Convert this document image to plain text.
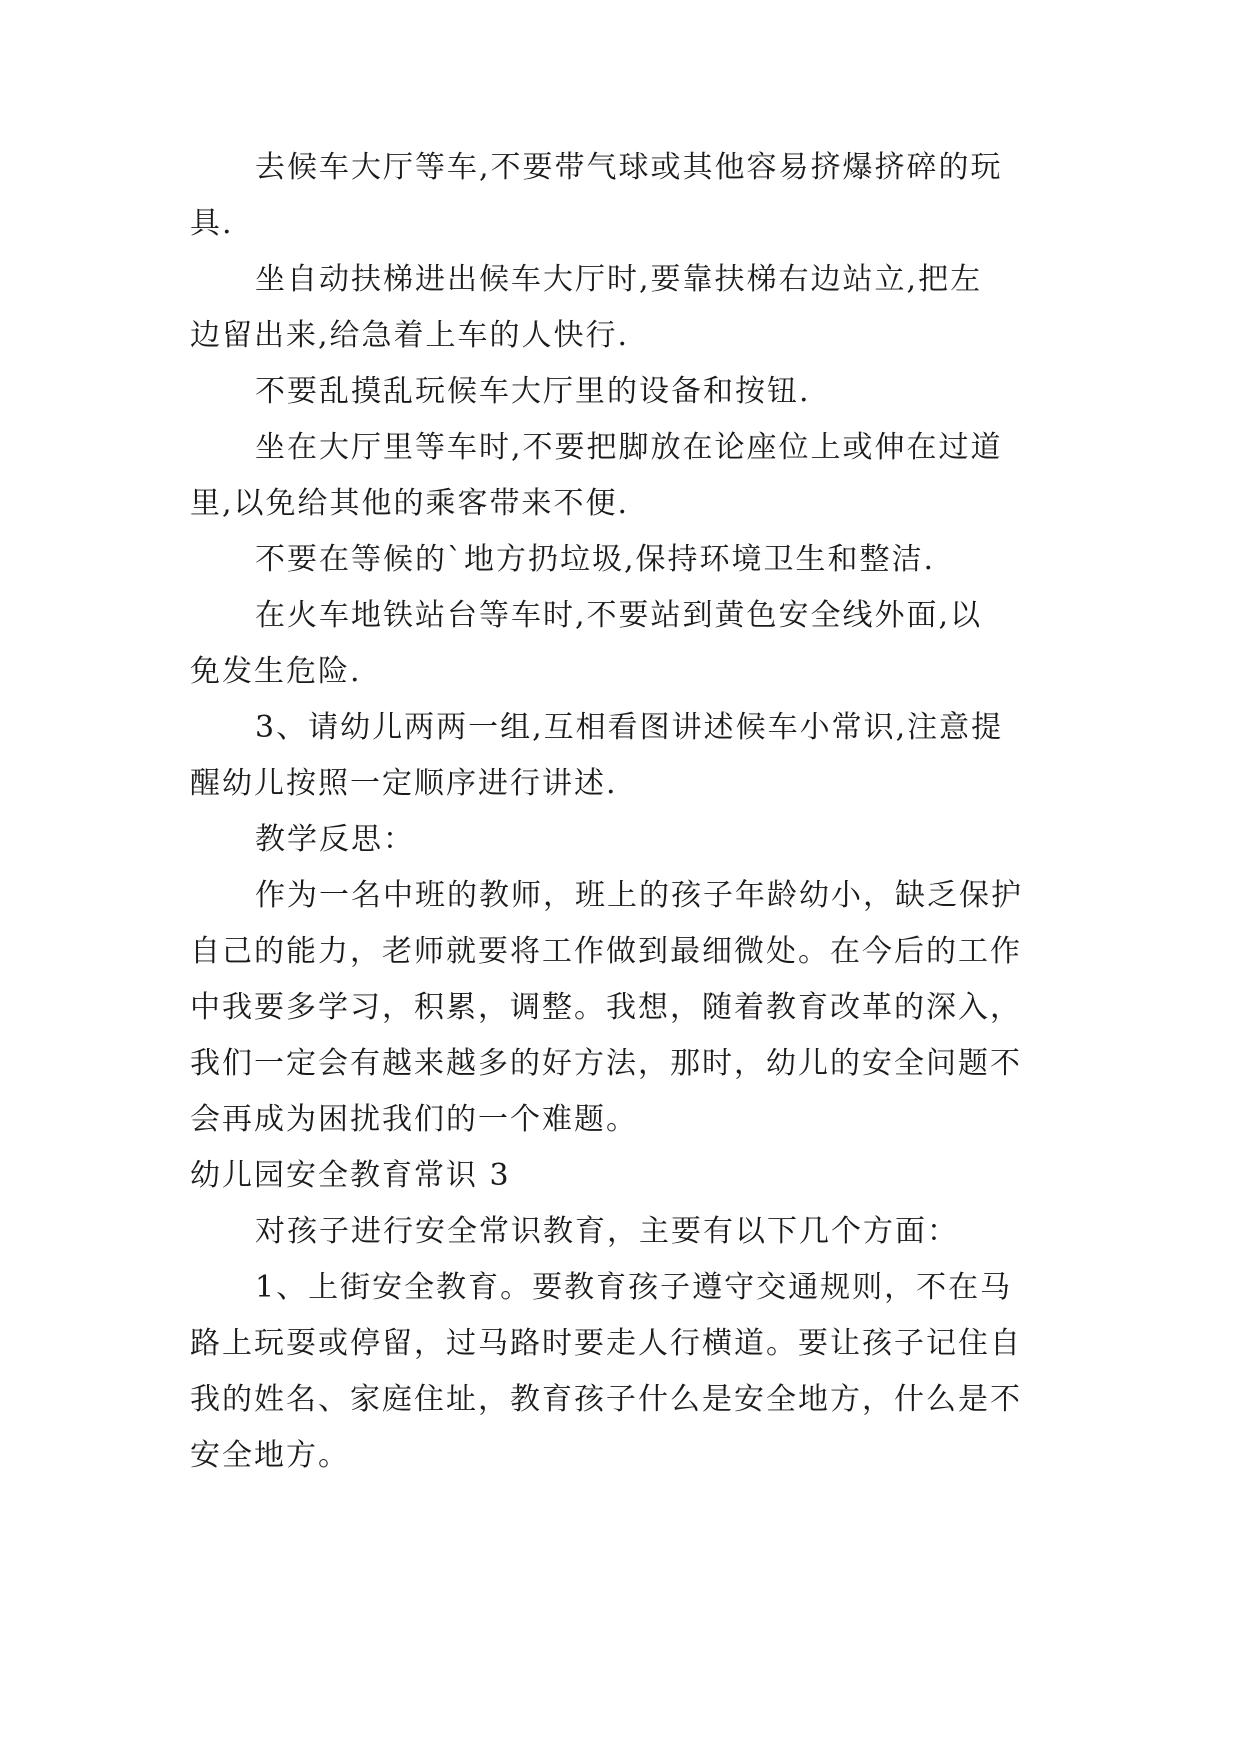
去候车大厅等车,不要带气球或其他容易挤爆挤碎的玩
具.
坐自动扶梯进出候车大厅时,要靠扶梯右边站立,把左
边留出来,给急着上车的人快行.
不要乱摸乱玩候车大厅里的设备和按钮.
坐在大厅里等车时,不要把脚放在论座位上或伸在过道
里,以免给其他的乘客带来不便.
不要在等候的`地方扔垃圾,保持环境卫生和整洁.
在火车地铁站台等车时,不要站到黄色安全线外面,以
免发生危险.
3、请幼儿两两一组,互相看图讲述候车小常识,注意提
醒幼儿按照一定顺序进行讲述.
教学反思：
作为一名中班的教师，班上的孩子年龄幼小，缺乏保护
自己的能力，老师就要将工作做到最细微处。在今后的工作
中我要多学习，积累，调整。我想，随着教育改革的深入，
我们一定会有越来越多的好方法，那时，幼儿的安全问题不
会再成为困扰我们的一个难题。
幼儿园安全教育常识 3
对孩子进行安全常识教育，主要有以下几个方面：
1、上街安全教育。要教育孩子遵守交通规则，不在马
路上玩耍或停留，过马路时要走人行横道。要让孩子记住自
我的姓名、家庭住址，教育孩子什么是安全地方，什么是不
安全地方。
